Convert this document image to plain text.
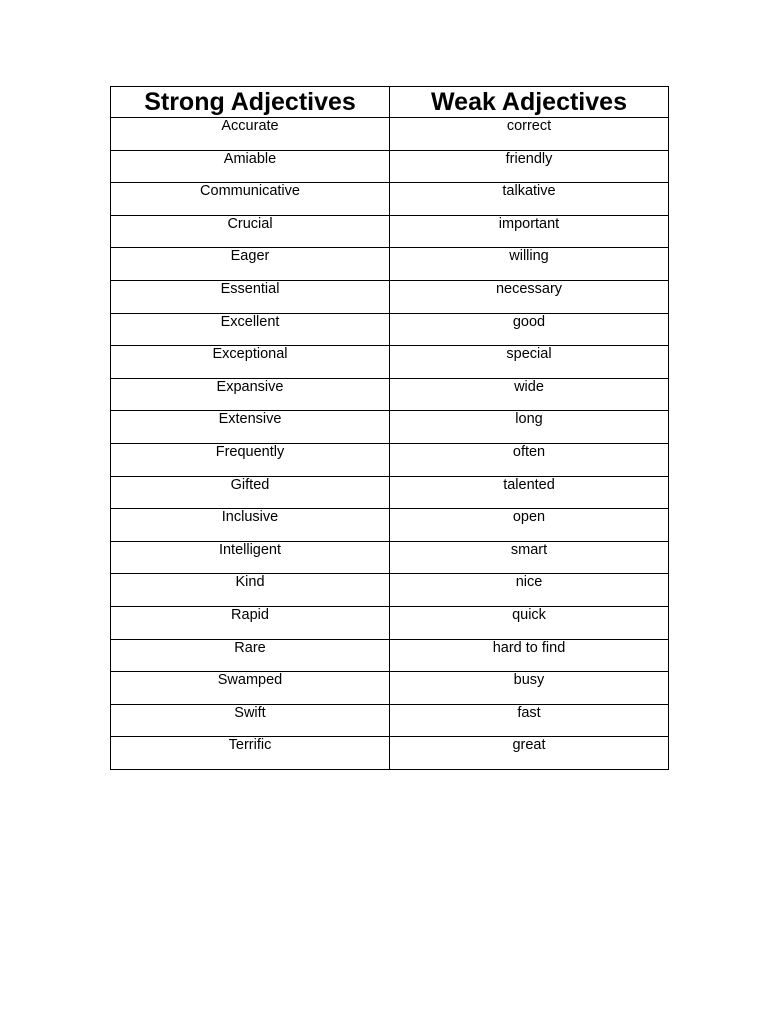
Strong Adjectives	Weak Adjectives
Accurate	correct
Amiable	friendly
Communicative	talkative
Crucial	important
Eager	willing
Essential	necessary
Excellent	good
Exceptional	special
Expansive	wide
Extensive	long
Frequently	often
Gifted	talented
Inclusive	open
Intelligent	smart
Kind	nice
Rapid	quick
Rare	hard to find
Swamped	busy
Swift	fast
Terrific	great
